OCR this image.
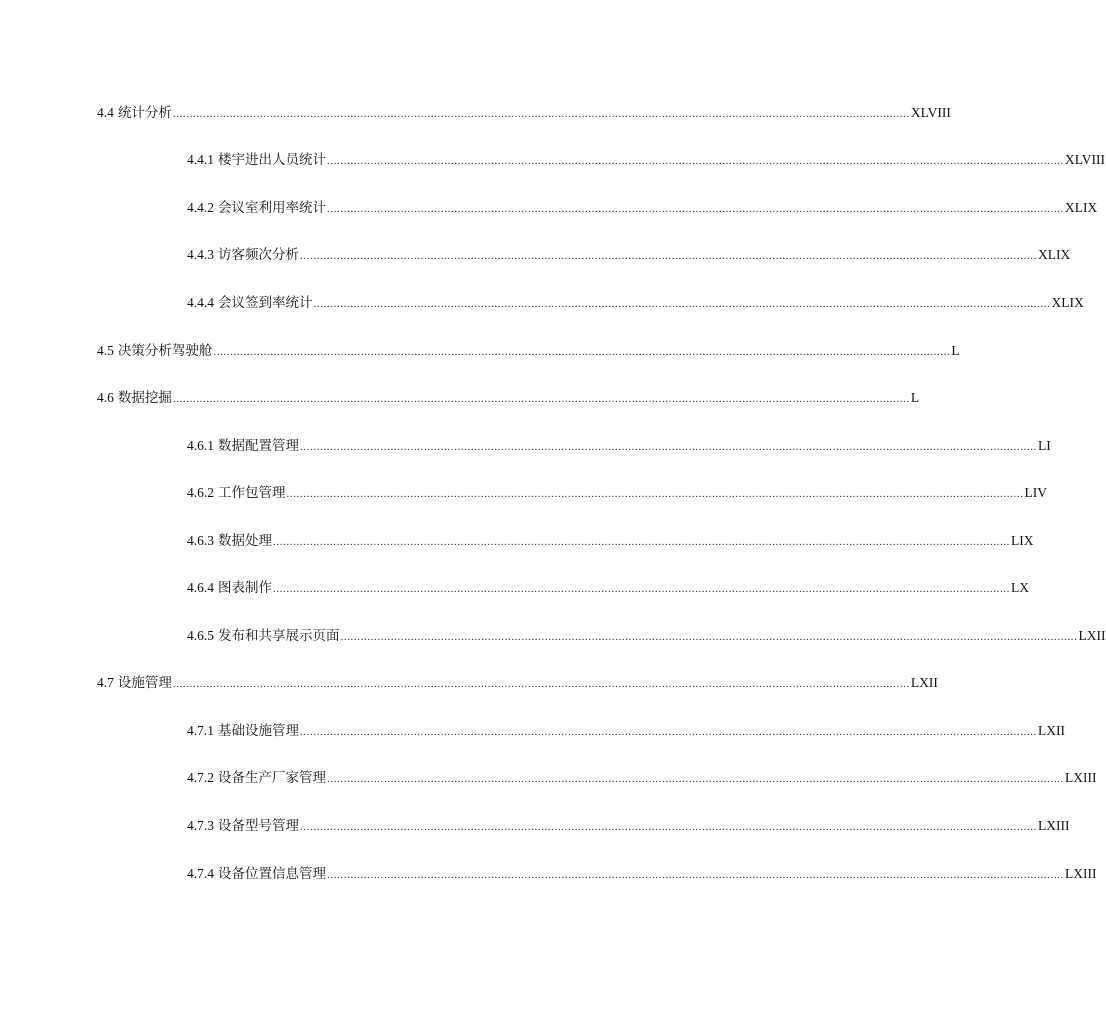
4.4 统计分析 ............................................................................................................................................................................................................................ XLVIII
4.4.1 楼宇进出人员统计 ............................................................................................................................................................................................................................ XLVIII
4.4.2 会议室利用率统计 ............................................................................................................................................................................................................................ XLIX
4.4.3 访客频次分析 ............................................................................................................................................................................................................................ XLIX
4.4.4 会议签到率统计 ............................................................................................................................................................................................................................ XLIX
4.5 决策分析驾驶舱 ............................................................................................................................................................................................................................ L
4.6 数据挖掘 ............................................................................................................................................................................................................................ L
4.6.1 数据配置管理 ............................................................................................................................................................................................................................ LI
4.6.2 工作包管理 ............................................................................................................................................................................................................................ LIV
4.6.3 数据处理 ............................................................................................................................................................................................................................ LIX
4.6.4 图表制作 ............................................................................................................................................................................................................................ LX
4.6.5 发布和共享展示页面 ............................................................................................................................................................................................................................ LXII
4.7 设施管理 ............................................................................................................................................................................................................................ LXII
4.7.1 基础设施管理 ............................................................................................................................................................................................................................ LXII
4.7.2 设备生产厂家管理 ............................................................................................................................................................................................................................ LXIII
4.7.3 设备型号管理 ............................................................................................................................................................................................................................ LXIII
4.7.4 设备位置信息管理 ............................................................................................................................................................................................................................ LXIII
